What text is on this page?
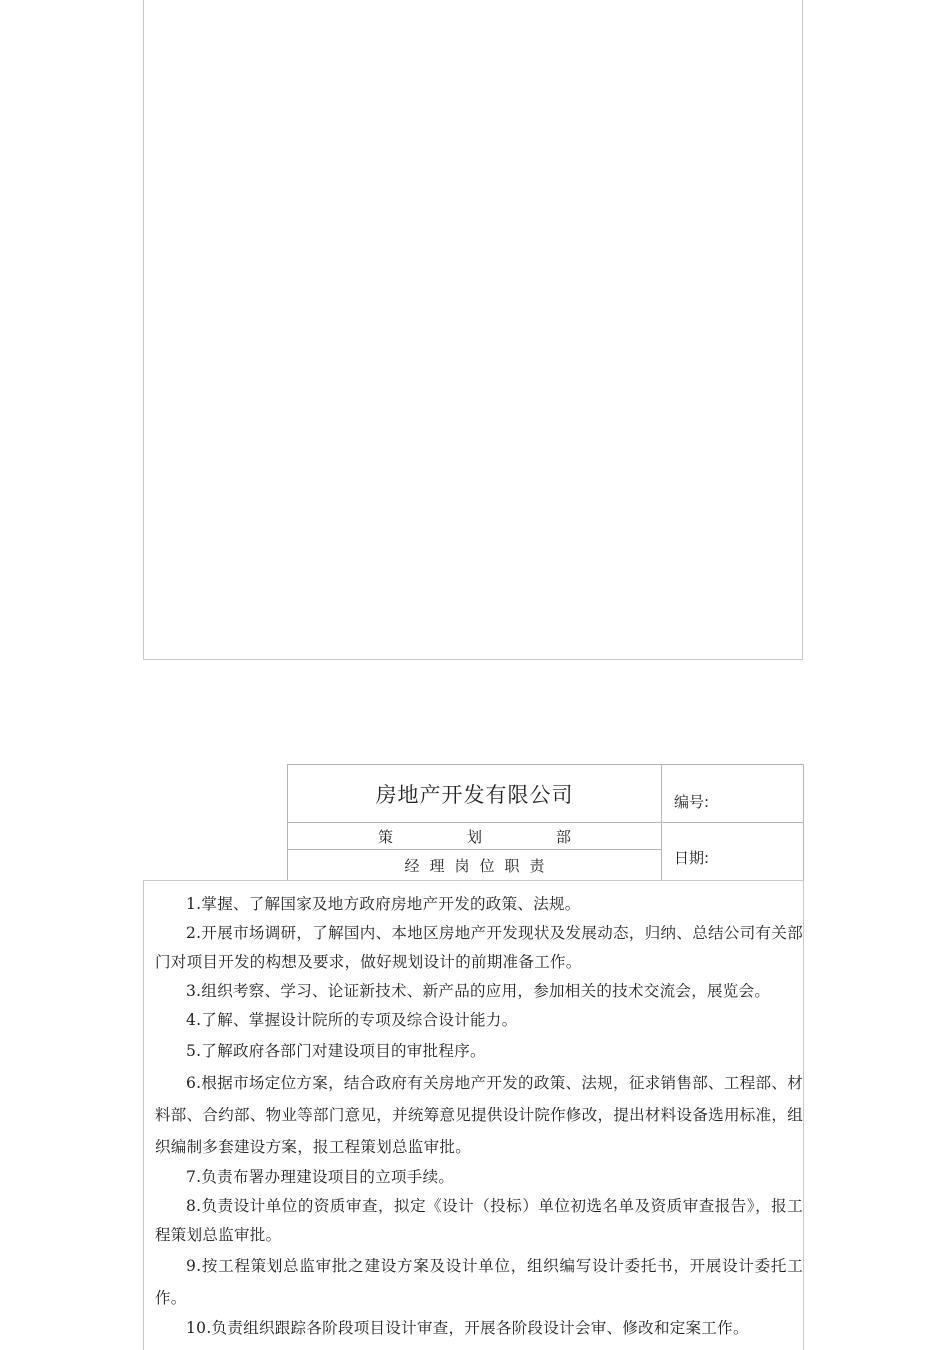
房地产开发有限公司
策划部
经理岗位职责
编号:
日期:
1.掌握、了解国家及地方政府房地产开发的政策、法规。
2.开展市场调研，了解国内、本地区房地产开发现状及发展动态，归纳、总结公司有关部门对项目开发的构想及要求，做好规划设计的前期准备工作。
3.组织考察、学习、论证新技术、新产品的应用，参加相关的技术交流会，展览会。
4.了解、掌握设计院所的专项及综合设计能力。
5.了解政府各部门对建设项目的审批程序。
6.根据市场定位方案，结合政府有关房地产开发的政策、法规，征求销售部、工程部、材料部、合约部、物业等部门意见，并统筹意见提供设计院作修改，提出材料设备选用标准，组织编制多套建设方案，报工程策划总监审批。
7.负责布署办理建设项目的立项手续。
8.负责设计单位的资质审查，拟定《设计（投标）单位初选名单及资质审查报告》，报工程策划总监审批。
9.按工程策划总监审批之建设方案及设计单位，组织编写设计委托书，开展设计委托工作。
10.负责组织跟踪各阶段项目设计审查，开展各阶段设计会审、修改和定案工作。
